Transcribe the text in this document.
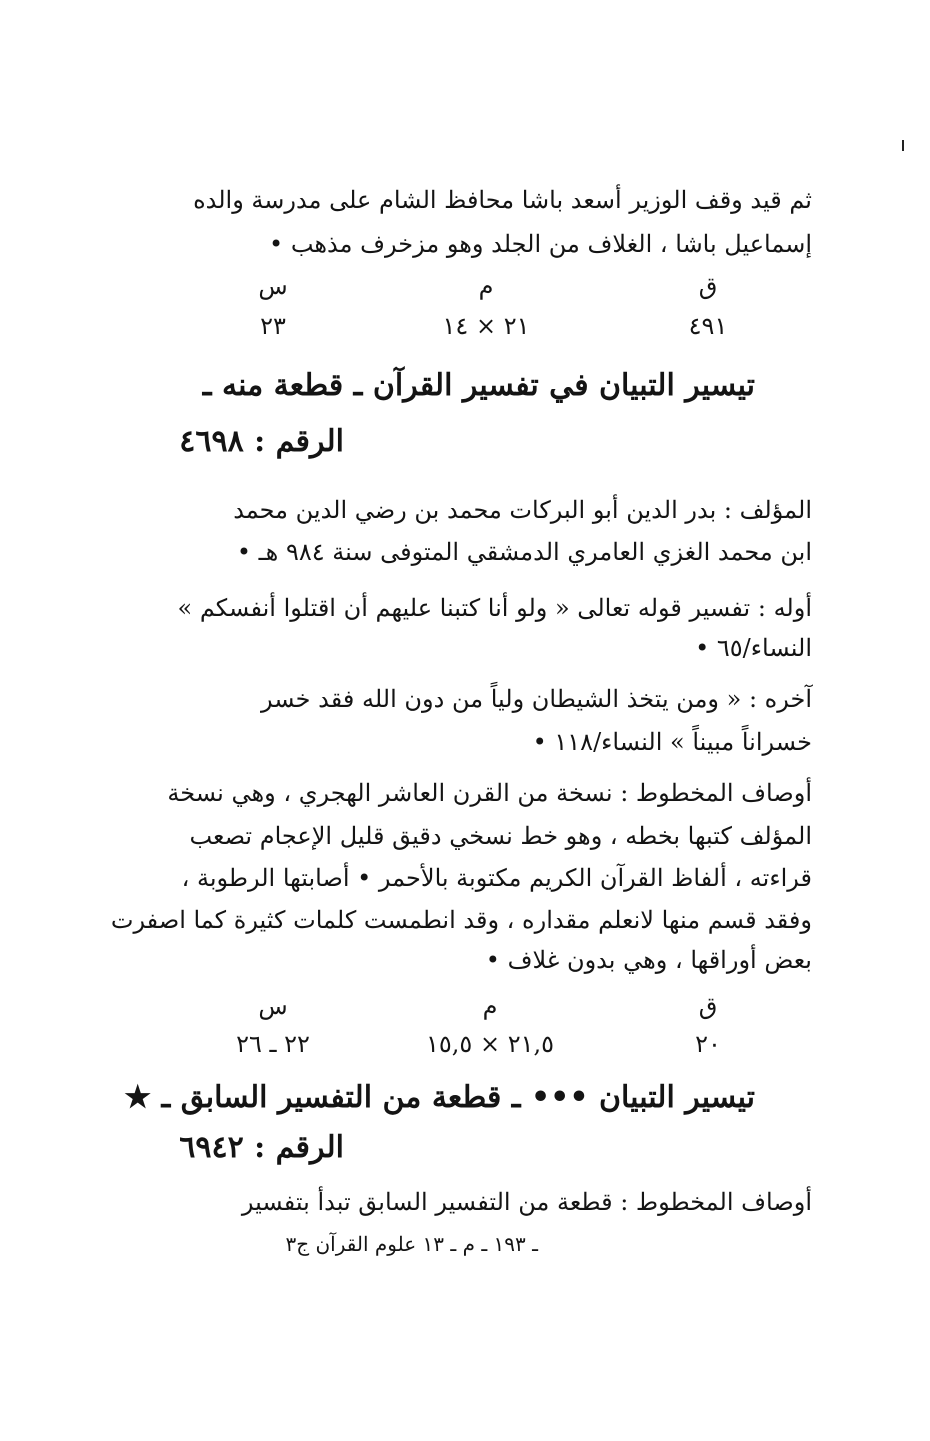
ثم قيد وقف الوزير أسعد باشا محافظ الشام على مدرسة والده
إسماعيل باشا ، الغلاف من الجلد وهو مزخرف مذهب •
ق
م
س
٤٩١
٢١ × ١٤
٢٣
تيسير التبيان في تفسير القرآن ـ قطعة منه ـ
الرقم : ٤٦٩٨
المؤلف : بدر الدين أبو البركات محمد بن رضي الدين محمد
ابن محمد الغزي العامري الدمشقي المتوفى سنة ٩٨٤ هـ •
أوله : تفسير قوله تعالى « ولو أنا كتبنا عليهم أن اقتلوا أنفسكم »
النساء/٦٥ •
آخره : « ومن يتخذ الشيطان ولياً من دون الله فقد خسر
خسراناً مبيناً » النساء/١١٨ •
أوصاف المخطوط : نسخة من القرن العاشر الهجري ، وهي نسخة
المؤلف كتبها بخطه ، وهو خط نسخي دقيق قليل الإعجام تصعب
قراءته ، ألفاظ القرآن الكريم مكتوبة بالأحمر • أصابتها الرطوبة ،
وفقد قسم منها لانعلم مقداره ، وقد انطمست كلمات كثيرة كما اصفرت
بعض أوراقها ، وهي بدون غلاف •
ق
م
س
٢٠
٢١,٥ × ١٥,٥
٢٢ ـ ٢٦
تيسير التبيان ••• ـ قطعة من التفسير السابق ـ ★
الرقم : ٦٩٤٢
أوصاف المخطوط : قطعة من التفسير السابق تبدأ بتفسير
ـ ١٩٣ ـ م ـ ١٣ علوم القرآن ج٣
